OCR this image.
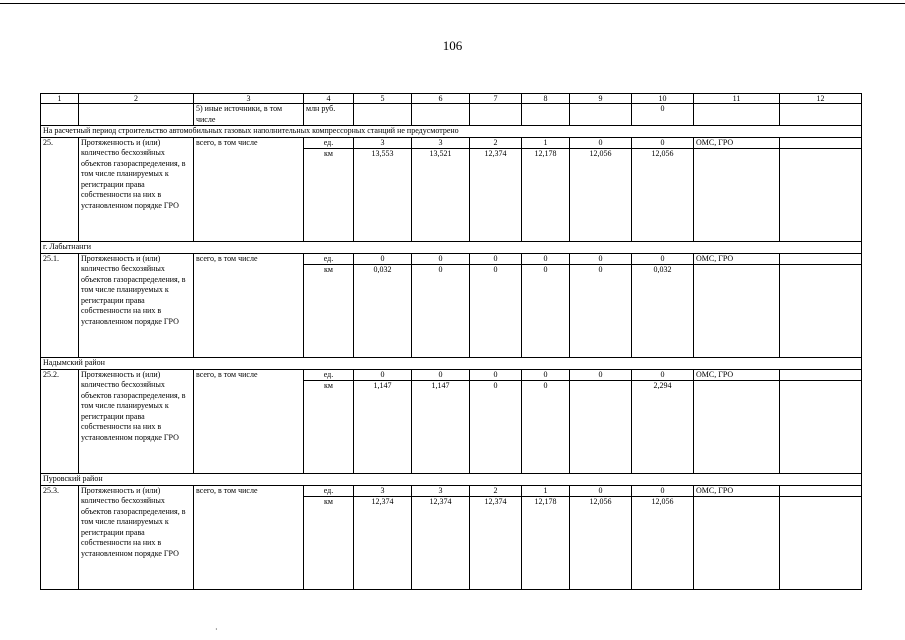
106
1	2	3	4	5	6	7	8	9	10	11	12
		5) иные источники, в том числе	млн руб.						0		
На расчетный период строительство автомобильных газовых наполнительных компрессорных станций не предусмотрено											
25.	Протяженность и (или) количество бесхозяйных объектов газораспределения, в том числе планируемых к регистрации права собственности на них в установленном порядке ГРО	всего, в том числе	ед.	3	3	2	1	0	0	ОМС, ГРО	
			км	13,553	13,521	12,374	12,178	12,056	12,056		
г. Лабытнанги											
25.1.	Протяженность и (или) количество бесхозяйных объектов газораспределения, в том числе планируемых к регистрации права собственности на них в установленном порядке ГРО	всего, в том числе	ед.	0	0	0	0	0	0	ОМС, ГРО	
			км	0,032	0	0	0	0	0,032		
Надымский район											
25.2.	Протяженность и (или) количество бесхозяйных объектов газораспределения, в том числе планируемых к регистрации права собственности на них в установленном порядке ГРО	всего, в том числе	ед.	0	0	0	0	0	0	ОМС, ГРО	
			км	1,147	1,147	0	0		2,294		
Пуровский район											
25.3.	Протяженность и (или) количество бесхозяйных объектов газораспределения, в том числе планируемых к регистрации права собственности на них в установленном порядке ГРО	всего, в том числе	ед.	3	3	2	1	0	0	ОМС, ГРО	
			км	12,374	12,374	12,374	12,178	12,056	12,056		
·
